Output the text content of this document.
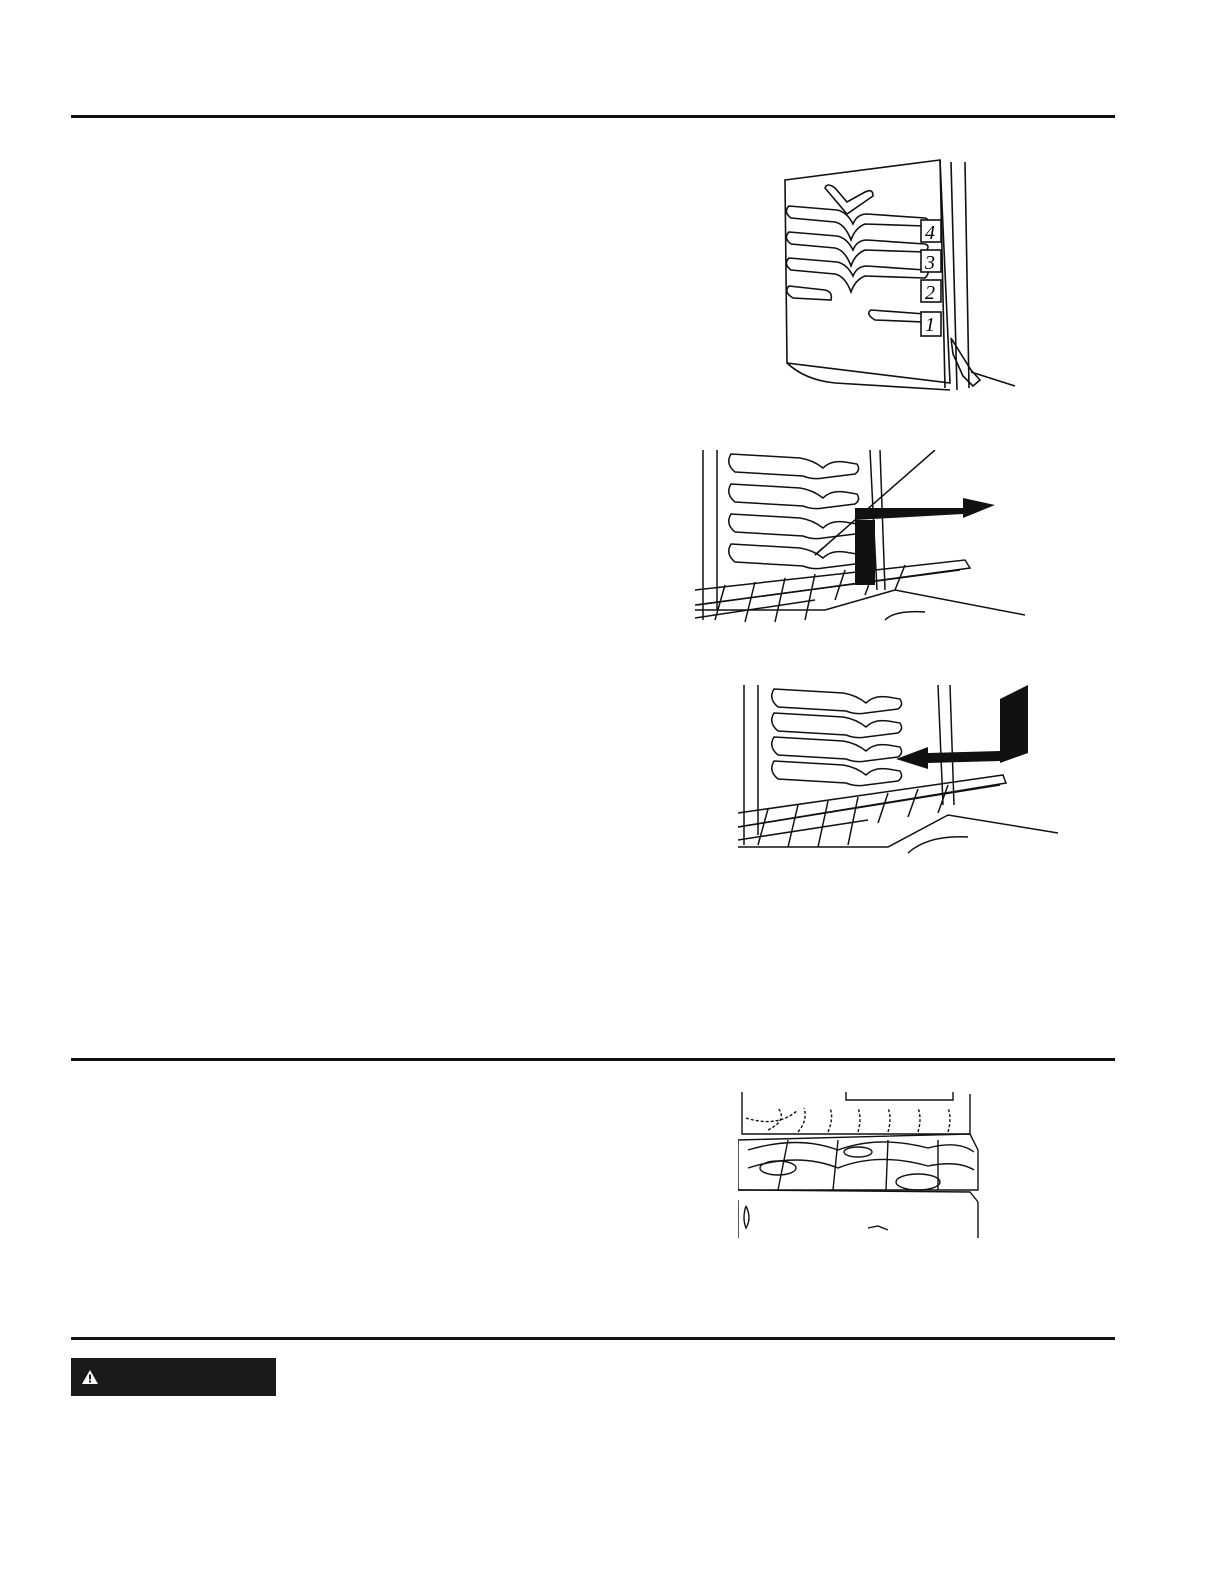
4
3
2
1
